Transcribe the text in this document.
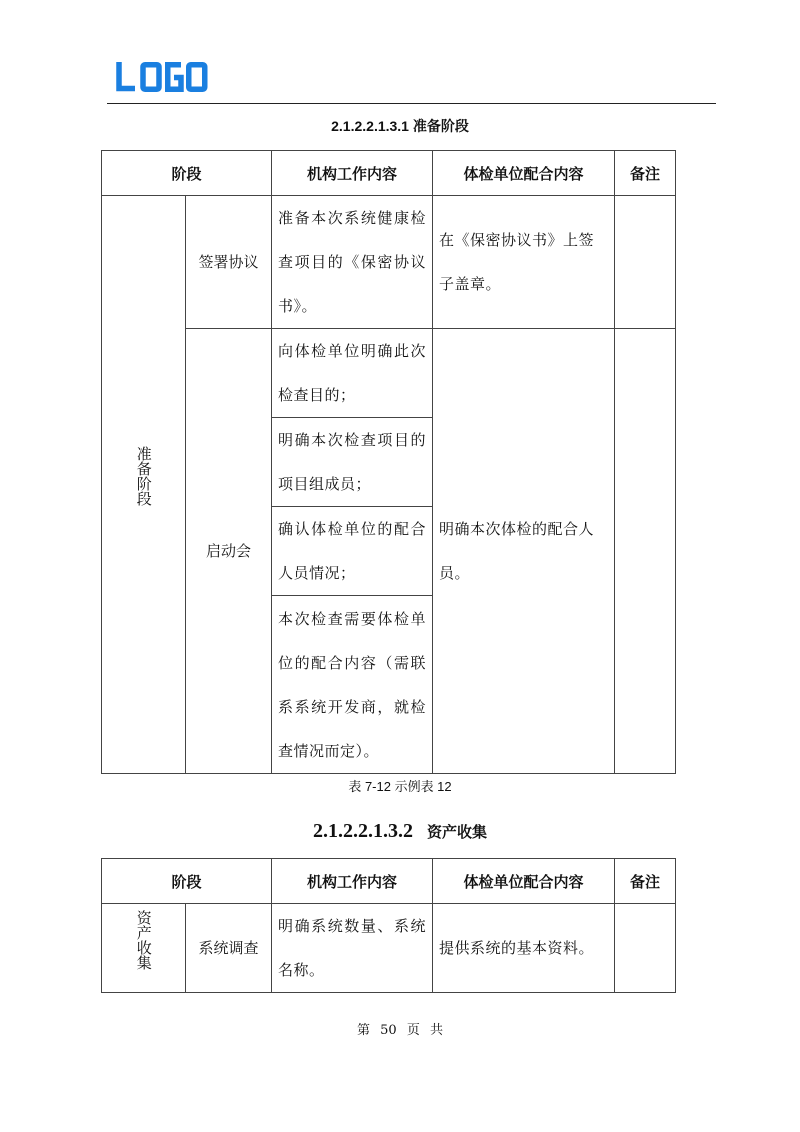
2.1.2.2.1.3.1 准备阶段
阶段		机构工作内容	体检单位配合内容	备注
准备阶段	签署协议	准备本次系统健康检查项目的《保密协议书》。	在《保密协议书》上签子盖章。	
	启动会	向体检单位明确此次检查目的；	明确本次体检的配合人员。	
		明确本次检查项目的项目组成员；		
		确认体检单位的配合人员情况；		
		本次检查需要体检单位的配合内容（需联系系统开发商，就检查情况而定）。		
表 7-12 示例表 12
2.1.2.2.1.3.2 资产收集
阶段		机构工作内容	体检单位配合内容	备注
资产收集	系统调查	明确系统数量、系统名称。	提供系统的基本资料。	
第 50 页 共
